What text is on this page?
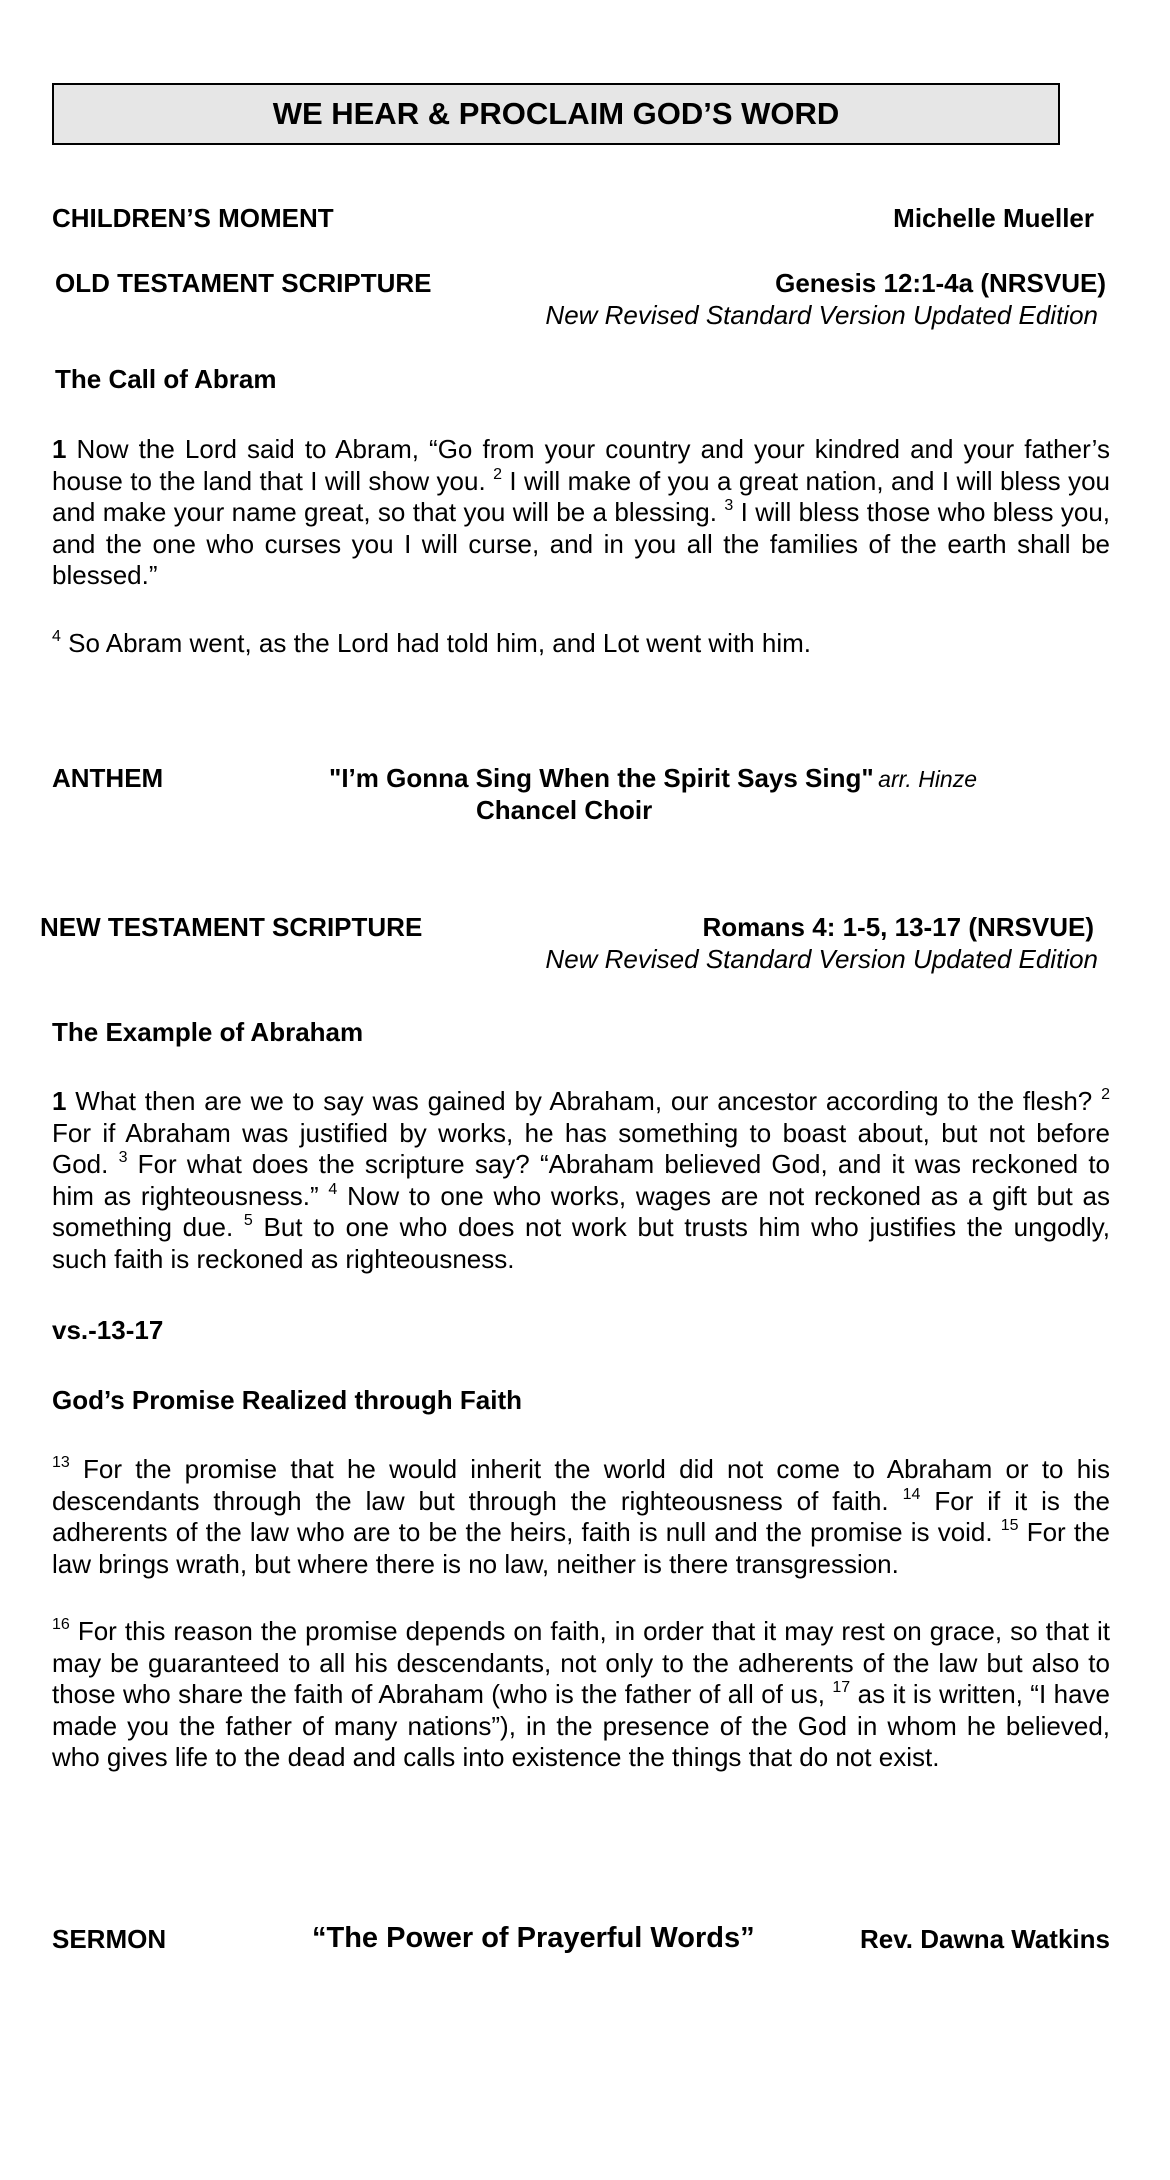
WE HEAR & PROCLAIM GOD’S WORD
CHILDREN’S MOMENT	Michelle Mueller
OLD TESTAMENT SCRIPTURE	Genesis 12:1-4a (NRSVUE)
New Revised Standard Version Updated Edition
The Call of Abram
1 Now the Lord said to Abram, “Go from your country and your kindred and your father’s house to the land that I will show you. $^2$ I will make of you a great nation, and I will bless you and make your name great, so that you will be a blessing. $^3$ I will bless those who bless you, and the one who curses you I will curse, and in you all the families of the earth shall be blessed.”
$^4$ So Abram went, as the Lord had told him, and Lot went with him.
ANTHEM	"I’m Gonna Sing When the Spirit Says Sing" arr. Hinze
Chancel Choir
NEW TESTAMENT SCRIPTURE	Romans 4: 1-5, 13-17 (NRSVUE)
New Revised Standard Version Updated Edition
The Example of Abraham
1 What then are we to say was gained by Abraham, our ancestor according to the flesh? $^2$ For if Abraham was justified by works, he has something to boast about, but not before God. $^3$ For what does the scripture say? “Abraham believed God, and it was reckoned to him as righteousness.” $^4$ Now to one who works, wages are not reckoned as a gift but as something due. $^5$ But to one who does not work but trusts him who justifies the ungodly, such faith is reckoned as righteousness.
vs.-13-17
God’s Promise Realized through Faith
$^{13}$ For the promise that he would inherit the world did not come to Abraham or to his descendants through the law but through the righteousness of faith. $^{14}$ For if it is the adherents of the law who are to be the heirs, faith is null and the promise is void. $^{15}$ For the law brings wrath, but where there is no law, neither is there transgression.
$^{16}$ For this reason the promise depends on faith, in order that it may rest on grace, so that it may be guaranteed to all his descendants, not only to the adherents of the law but also to those who share the faith of Abraham (who is the father of all of us, $^{17}$ as it is written, “I have made you the father of many nations”), in the presence of the God in whom he believed, who gives life to the dead and calls into existence the things that do not exist.
SERMON	“The Power of Prayerful Words”	Rev. Dawna Watkins
